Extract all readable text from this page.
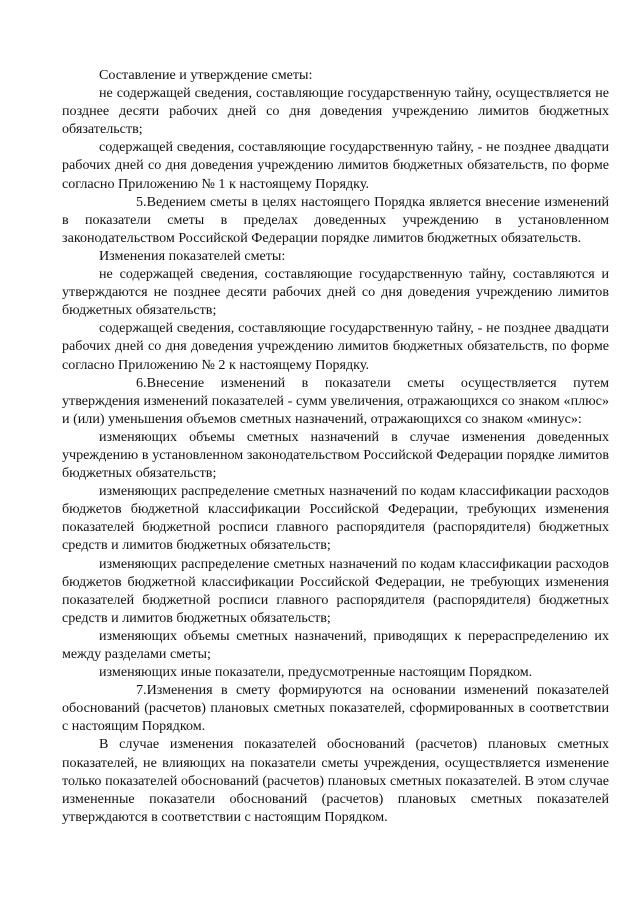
Составление и утверждение сметы:

не содержащей сведения, составляющие государственную тайну, осуществляется не позднее десяти рабочих дней со дня доведения учреждению лимитов бюджетных обязательств;

содержащей сведения, составляющие государственную тайну, - не позднее двадцати рабочих дней со дня доведения учреждению лимитов бюджетных обязательств, по форме согласно Приложению № 1 к настоящему Порядку.

5.Ведением сметы в целях настоящего Порядка является внесение изменений в показатели сметы в пределах доведенных учреждению в установленном законодательством Российской Федерации порядке лимитов бюджетных обязательств.

Изменения показателей сметы:

не содержащей сведения, составляющие государственную тайну, составляются и утверждаются не позднее десяти рабочих дней со дня доведения учреждению лимитов бюджетных обязательств;

содержащей сведения, составляющие государственную тайну, - не позднее двадцати рабочих дней со дня доведения учреждению лимитов бюджетных обязательств, по форме согласно Приложению № 2 к настоящему Порядку.

6.Внесение изменений в показатели сметы осуществляется путем утверждения изменений показателей - сумм увеличения, отражающихся со знаком «плюс» и (или) уменьшения объемов сметных назначений, отражающихся со знаком «минус»:

изменяющих объемы сметных назначений в случае изменения доведенных учреждению в установленном законодательством Российской Федерации порядке лимитов бюджетных обязательств;

изменяющих распределение сметных назначений по кодам классификации расходов бюджетов бюджетной классификации Российской Федерации, требующих изменения показателей бюджетной росписи главного распорядителя (распорядителя) бюджетных средств и лимитов бюджетных обязательств;

изменяющих распределение сметных назначений по кодам классификации расходов бюджетов бюджетной классификации Российской Федерации, не требующих изменения показателей бюджетной росписи главного распорядителя (распорядителя) бюджетных средств и лимитов бюджетных обязательств;

изменяющих объемы сметных назначений, приводящих к перераспределению их между разделами сметы;

изменяющих иные показатели, предусмотренные настоящим Порядком.

7.Изменения в смету формируются на основании изменений показателей обоснований (расчетов) плановых сметных показателей, сформированных в соответствии с настоящим Порядком.

В случае изменения показателей обоснований (расчетов) плановых сметных показателей, не влияющих на показатели сметы учреждения, осуществляется изменение только показателей обоснований (расчетов) плановых сметных показателей. В этом случае измененные показатели обоснований (расчетов) плановых сметных показателей утверждаются в соответствии с настоящим Порядком.
